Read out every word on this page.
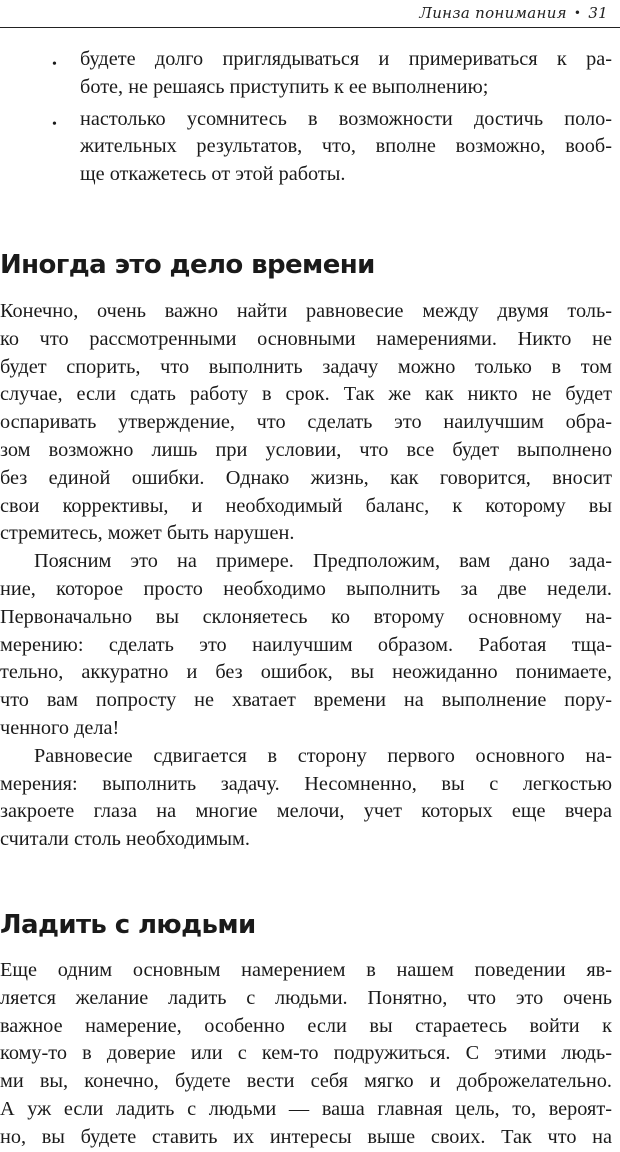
Линза понимания • 31
• будете долго приглядываться и примериваться к ра-
боте, не решаясь приступить к ее выполнению;
• настолько усомнитесь в возможности достичь поло-
жительных результатов, что, вполне возможно, вооб-
ще откажетесь от этой работы.
Иногда это дело времени
Конечно, очень важно найти равновесие между двумя толь-
ко что рассмотренными основными намерениями. Никто не
будет спорить, что выполнить задачу можно только в том
случае, если сдать работу в срок. Так же как никто не будет
оспаривать утверждение, что сделать это наилучшим обра-
зом возможно лишь при условии, что все будет выполнено
без единой ошибки. Однако жизнь, как говорится, вносит
свои коррективы, и необходимый баланс, к которому вы
стремитесь, может быть нарушен.
Поясним это на примере. Предположим, вам дано зада-
ние, которое просто необходимо выполнить за две недели.
Первоначально вы склоняетесь ко второму основному на-
мерению: сделать это наилучшим образом. Работая тща-
тельно, аккуратно и без ошибок, вы неожиданно понимаете,
что вам попросту не хватает времени на выполнение пору-
ченного дела!
Равновесие сдвигается в сторону первого основного на-
мерения: выполнить задачу. Несомненно, вы с легкостью
закроете глаза на многие мелочи, учет которых еще вчера
считали столь необходимым.
Ладить с людьми
Еще одним основным намерением в нашем поведении яв-
ляется желание ладить с людьми. Понятно, что это очень
важное намерение, особенно если вы стараетесь войти к
кому-то в доверие или с кем-то подружиться. С этими людь-
ми вы, конечно, будете вести себя мягко и доброжелательно.
А уж если ладить с людьми — ваша главная цель, то, вероят-
но, вы будете ставить их интересы выше своих. Так что на
